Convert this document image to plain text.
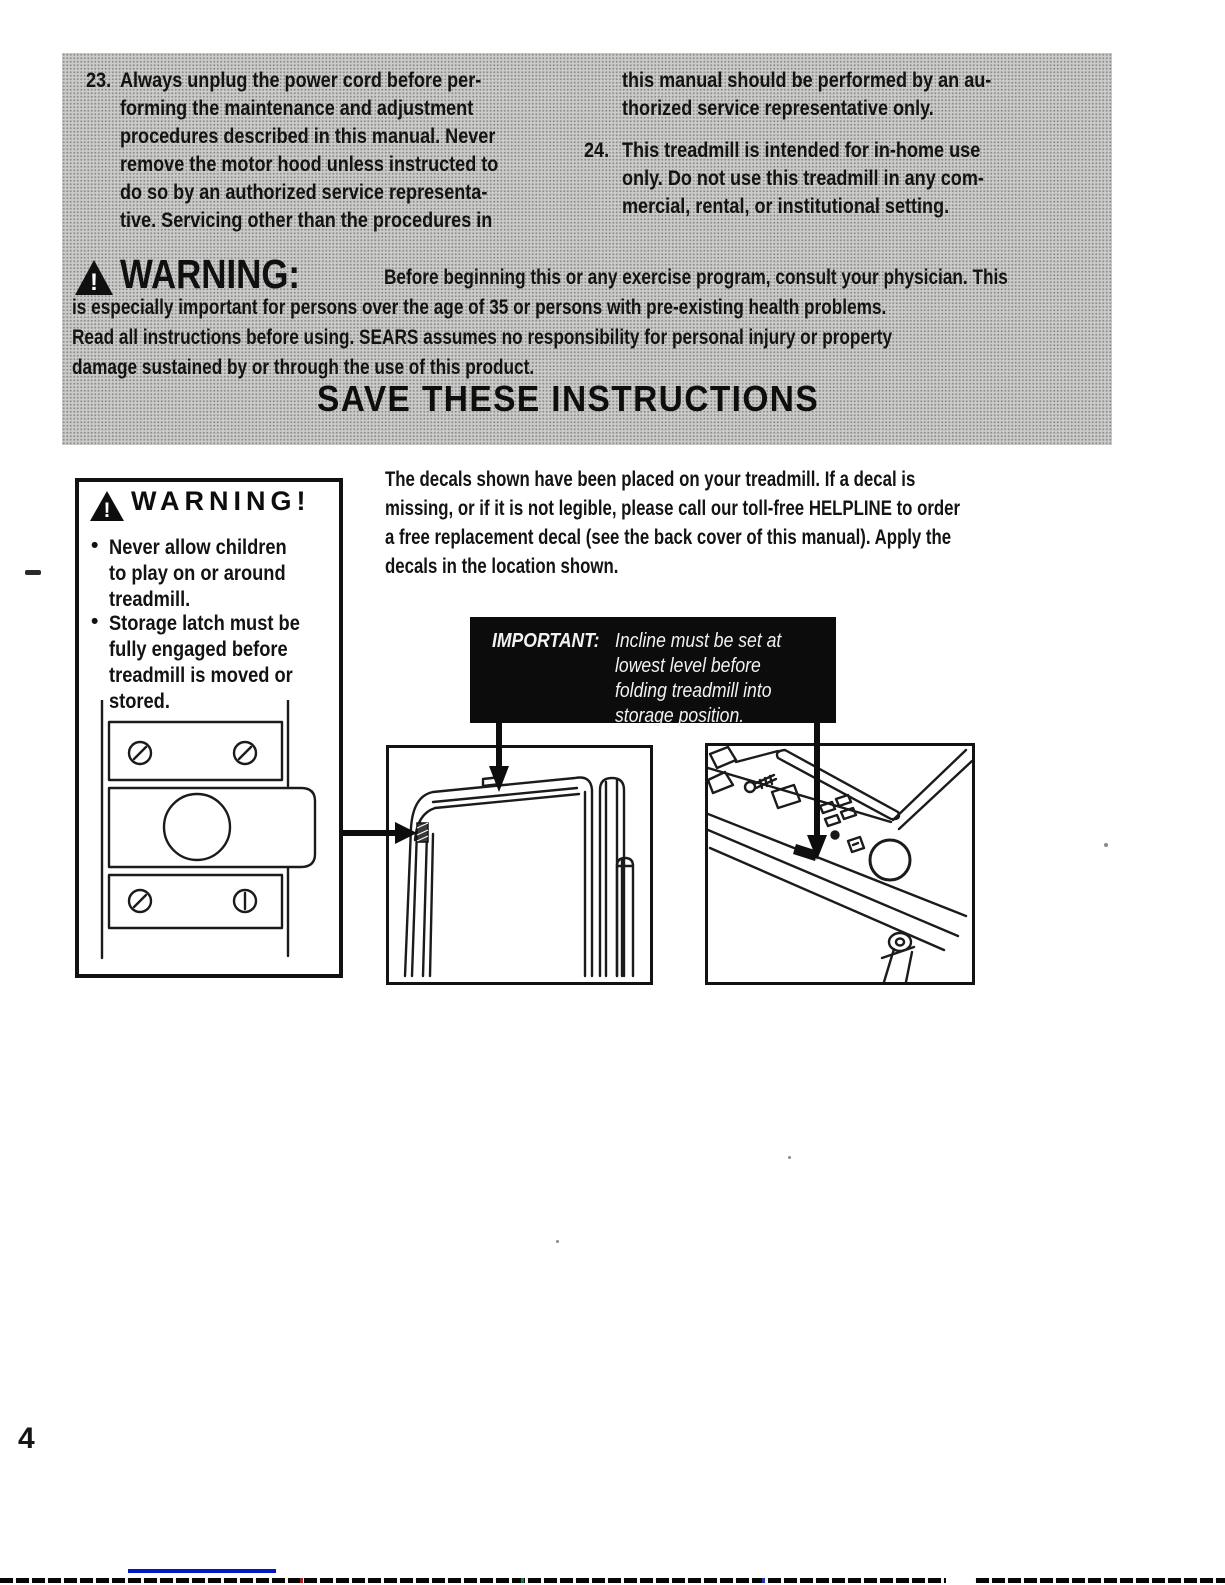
23. Always unplug the power cord before per-
forming the maintenance and adjustment
procedures described in this manual. Never
remove the motor hood unless instructed to
do so by an authorized service representa-
tive. Servicing other than the procedures in
this manual should be performed by an au-
thorized service representative only.
24. This treadmill is intended for in-home use
only. Do not use this treadmill in any com-
mercial, rental, or institutional setting.
! WARNING:	Before beginning this or any exercise program, consult your physician. This
is especially important for persons over the age of 35 or persons with pre-existing health problems.
Read all instructions before using. SEARS assumes no responsibility for personal injury or property
damage sustained by or through the use of this product.
SAVE THESE INSTRUCTIONS
! WARNING!
• Never allow children
to play on or around
treadmill.
• Storage latch must be
fully engaged before
treadmill is moved or
stored.
The decals shown have been placed on your treadmill. If a decal is
missing, or if it is not legible, please call our toll-free HELPLINE to order
a free replacement decal (see the back cover of this manual). Apply the
decals in the location shown.
IMPORTANT: Incline must be set at
lowest level before
folding treadmill into
storage position.
4
